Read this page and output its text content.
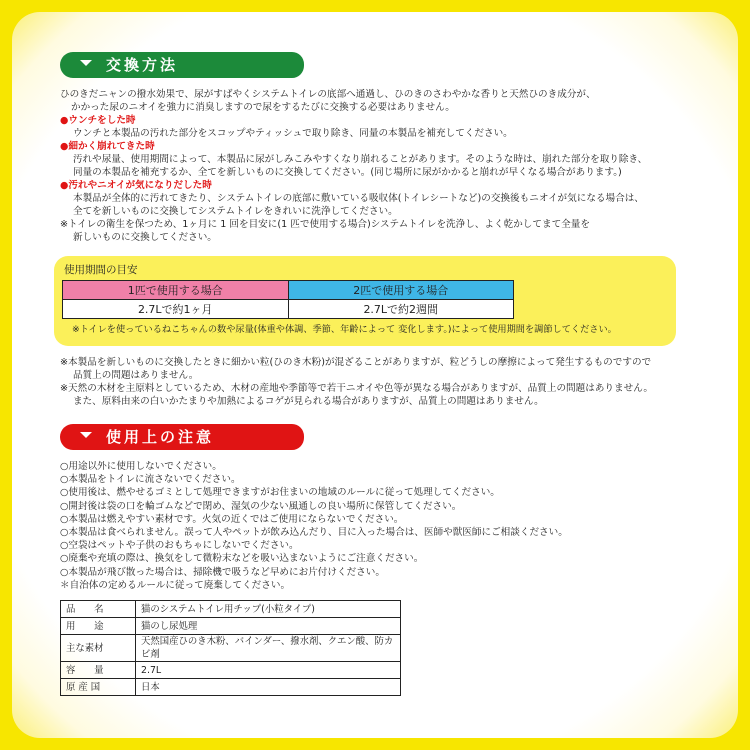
交換方法

ひのきだニャンの撥水効果で、尿がすばやくシステムトイレの底部へ通過し、ひのきのさわやかな香りと天然ひのき成分が、

かかった尿のニオイを強力に消臭しますので尿をするたびに交換する必要はありません。

●ウンチをした時

ウンチと本製品の汚れた部分をスコップやティッシュで取り除き、同量の本製品を補充してください。

●細かく崩れてきた時

汚れや尿量、使用期間によって、本製品に尿がしみこみやすくなり崩れることがあります。そのような時は、崩れた部分を取り除き、

同量の本製品を補充するか、全てを新しいものに交換してください。(同じ場所に尿がかかると崩れが早くなる場合があります。)

●汚れやニオイが気になりだした時

本製品が全体的に汚れてきたり、システムトイレの底部に敷いている吸収体(トイレシートなど)の交換後もニオイが気になる場合は、

全てを新しいものに交換してシステムトイレをきれいに洗浄してください。

※トイレの衛生を保つため、1ヶ月に 1 回を目安に(1 匹で使用する場合)システムトイレを洗浄し、よく乾かしてまて全量を

新しいものに交換してください。

使用期間の目安
1匹で使用する場合	2匹で使用する場合
2.7Lで約1ヶ月	2.7Lで約2週間
※トイレを使っているねこちゃんの数や尿量(体重や体調、季節、年齢によって 変化します。)によって使用期間を調節してください。

※本製品を新しいものに交換したときに細かい粒(ひのき木粉)が混ざることがありますが、粒どうしの摩擦によって発生するものですので

品質上の問題はありません。

※天然の木材を主原料としているため、木材の産地や季節等で若干ニオイや色等が異なる場合がありますが、品質上の問題はありません。

また、原料由来の白いかたまりや加熱によるコゲが見られる場合がありますが、品質上の問題はありません。

使用上の注意

○用途以外に使用しないでください。

○本製品をトイレに流さないでください。

○使用後は、燃やせるゴミとして処理できますがお住まいの地域のルールに従って処理してください。

○開封後は袋の口を輪ゴムなどで閉め、湿気の少ない風通しの良い場所に保管してください。

○本製品は燃えやすい素材です。火気の近くではご使用にならないでください。

○本製品は食べられません。誤って人やペットが飲み込んだり、目に入った場合は、医師や獣医師にご相談ください。

○空袋はペットや子供のおもちゃにしないでください。

○廃棄や充填の際は、換気をして微粉末などを吸い込まないようにご注意ください。

○本製品が飛び散った場合は、掃除機で吸うなど早めにお片付けください。

＊自治体の定めるルールに従って廃棄してください。

品　　名	猫のシステムトイレ用チップ(小粒タイプ)
用　　途	猫のし尿処理
主な素材	天然国産ひのき木粉、バインダー、撥水剤、クエン酸、防カビ剤
容　　量	2.7L
原 産 国	日本
